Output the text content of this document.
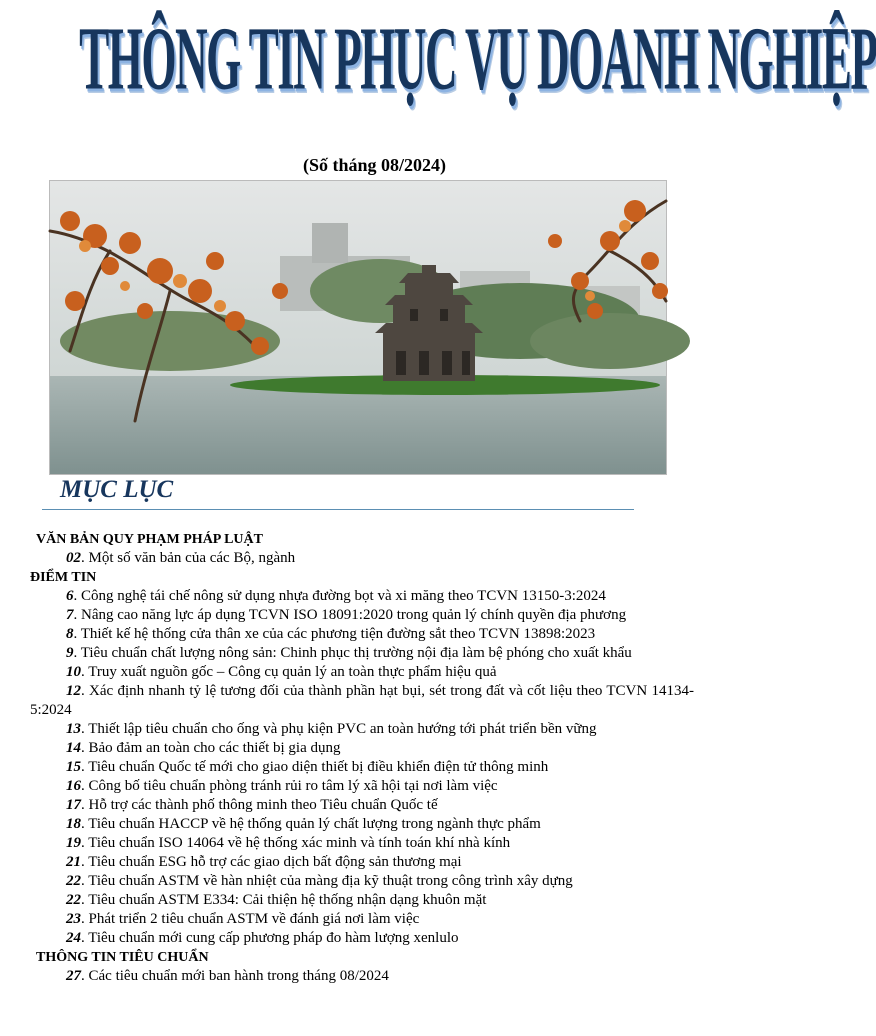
THÔNG TIN PHỤC VỤ DOANH NGHIỆP
(Số tháng 08/2024)
MỤC LỤC
VĂN BẢN QUY PHẠM PHÁP LUẬT
02. Một số văn bản của các Bộ, ngành
ĐIỂM TIN
6. Công nghệ tái chế nông sử dụng nhựa đường bọt và xi măng theo TCVN 13150-3:2024
7. Nâng cao năng lực áp dụng TCVN ISO 18091:2020 trong quản lý chính quyền địa phương
8. Thiết kế hệ thống cửa thân xe của các phương tiện đường sắt theo TCVN 13898:2023
9. Tiêu chuẩn chất lượng nông sản: Chinh phục thị trường nội địa làm bệ phóng cho xuất khẩu
10. Truy xuất nguồn gốc – Công cụ quản lý an toàn thực phẩm hiệu quả
12. Xác định nhanh tỷ lệ tương đối của thành phần hạt bụi, sét trong đất và cốt liệu theo TCVN 14134-5:2024
13. Thiết lập tiêu chuẩn cho ống và phụ kiện PVC an toàn hướng tới phát triển bền vững
14. Bảo đảm an toàn cho các thiết bị gia dụng
15. Tiêu chuẩn Quốc tế mới cho giao diện thiết bị điều khiển điện tử thông minh
16. Công bố tiêu chuẩn phòng tránh rủi ro tâm lý xã hội tại nơi làm việc
17. Hỗ trợ các thành phố thông minh theo Tiêu chuẩn Quốc tế
18. Tiêu chuẩn HACCP về hệ thống quản lý chất lượng trong ngành thực phẩm
19. Tiêu chuẩn ISO 14064 về hệ thống xác minh và tính toán khí nhà kính
21. Tiêu chuẩn ESG hỗ trợ các giao dịch bất động sản thương mại
22. Tiêu chuẩn ASTM về hàn nhiệt của màng địa kỹ thuật trong công trình xây dựng
22. Tiêu chuẩn ASTM E334: Cải thiện hệ thống nhận dạng khuôn mặt
23. Phát triển 2 tiêu chuẩn ASTM về đánh giá nơi làm việc
24. Tiêu chuẩn mới cung cấp phương pháp đo hàm lượng xenlulo
THÔNG TIN TIÊU CHUẨN
27. Các tiêu chuẩn mới ban hành trong tháng 08/2024
